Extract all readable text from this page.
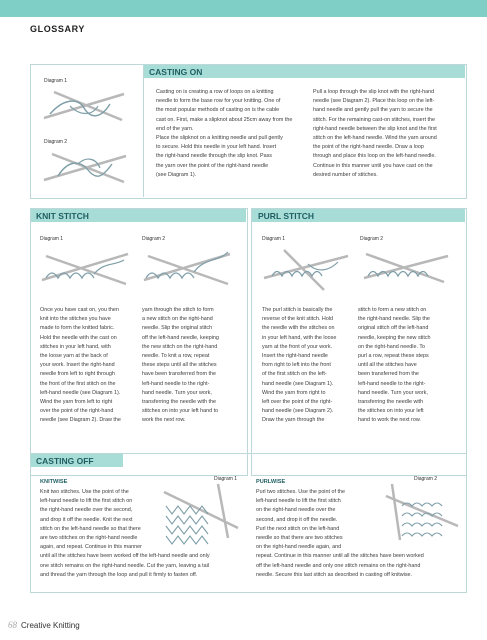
GLOSSARY
CASTING ON
Diagram 1
Diagram 2
Casting on is creating a row of loops on a knitting
needle to form the base row for your knitting. One of
the most popular methods of casting on is the cable
cast on. First, make a slipknot about 25cm away from the
end of the yarn.
Place the slipknot on a knitting needle and pull gently
to secure. Hold this needle in your left hand. Insert
the right-hand needle through the slip knot. Pass
the yarn over the point of the right-hand needle
(see Diagram 1).
Pull a loop through the slip knot with the right-hand
needle (see Diagram 2). Place this loop on the left-
hand needle and gently pull the yarn to secure the
stitch. For the remaining cast-on stitches, insert the
right-hand needle between the slip knot and the first
stitch on the left-hand needle. Wind the yarn around
the point of the right-hand needle. Draw a loop
through and place this loop on the left-hand needle.
Continue in this manner until you have cast on the
desired number of stitches.
KNIT STITCH
Diagram 1	Diagram 2
Once you have cast on, you then
knit into the stitches you have
made to form the knitted fabric.
Hold the needle with the cast on
stitches in your left hand, with
the loose yarn at the back of
your work. Insert the right-hand
needle from left to right through
the front of the first stitch on the
left-hand needle (see Diagram 1).
Wind the yarn from left to right
over the point of the right-hand
needle (see Diagram 2). Draw the
yarn through the stitch to form
a new stitch on the right-hand
needle. Slip the original stitch
off the left-hand needle, keeping
the new stitch on the right-hand
needle. To knit a row, repeat
these steps until all the stitches
have been transferred from the
left-hand needle to the right-
hand needle. Turn your work,
transferring the needle with the
stitches on into your left hand to
work the next row.
PURL STITCH
Diagram 1	Diagram 2
The purl stitch is basically the
reverse of the knit stitch. Hold
the needle with the stitches on
in your left hand, with the loose
yarn at the front of your work.
Insert the right-hand needle
from right to left into the front
of the first stitch on the left-
hand needle (see Diagram 1).
Wind the yarn from right to
left over the point of the right-
hand needle (see Diagram 2).
Draw the yarn through the
stitch to form a new stitch on
the right-hand needle. Slip the
original stitch off the left-hand
needle, keeping the new stitch
on the right-hand needle. To
purl a row, repeat these steps
until all the stitches have
been transferred from the
left-hand needle to the right-
hand needle. Turn your work,
transferring the needle with
the stitches on into your left
hand to work the next row.
CASTING OFF
KNITWISE	Diagram 1
Knit two stitches. Use the point of the
left-hand needle to lift the first stitch on
the right-hand needle over the second,
and drop it off the needle. Knit the next
stitch on the left-hand needle so that there
are two stitches on the right-hand needle
again, and repeat. Continue in this manner
until all the stitches have been worked off the left-hand needle and only
one stitch remains on the right-hand needle. Cut the yarn, leaving a tail
and thread the yarn through the loop and pull it firmly to fasten off.
PURLWISE	Diagram 2
Purl two stitches. Use the point of the
left-hand needle to lift the first stitch
on the right-hand needle over the
second, and drop it off the needle.
Purl the next stitch on the left-hand
needle so that there are two stitches
on the right-hand needle again, and
repeat. Continue in this manner until all the stitches have been worked
off the left-hand needle and only one stitch remains on the right-hand
needle. Secure this last stitch as described in casting off knitwise.
68 Creative Knitting
